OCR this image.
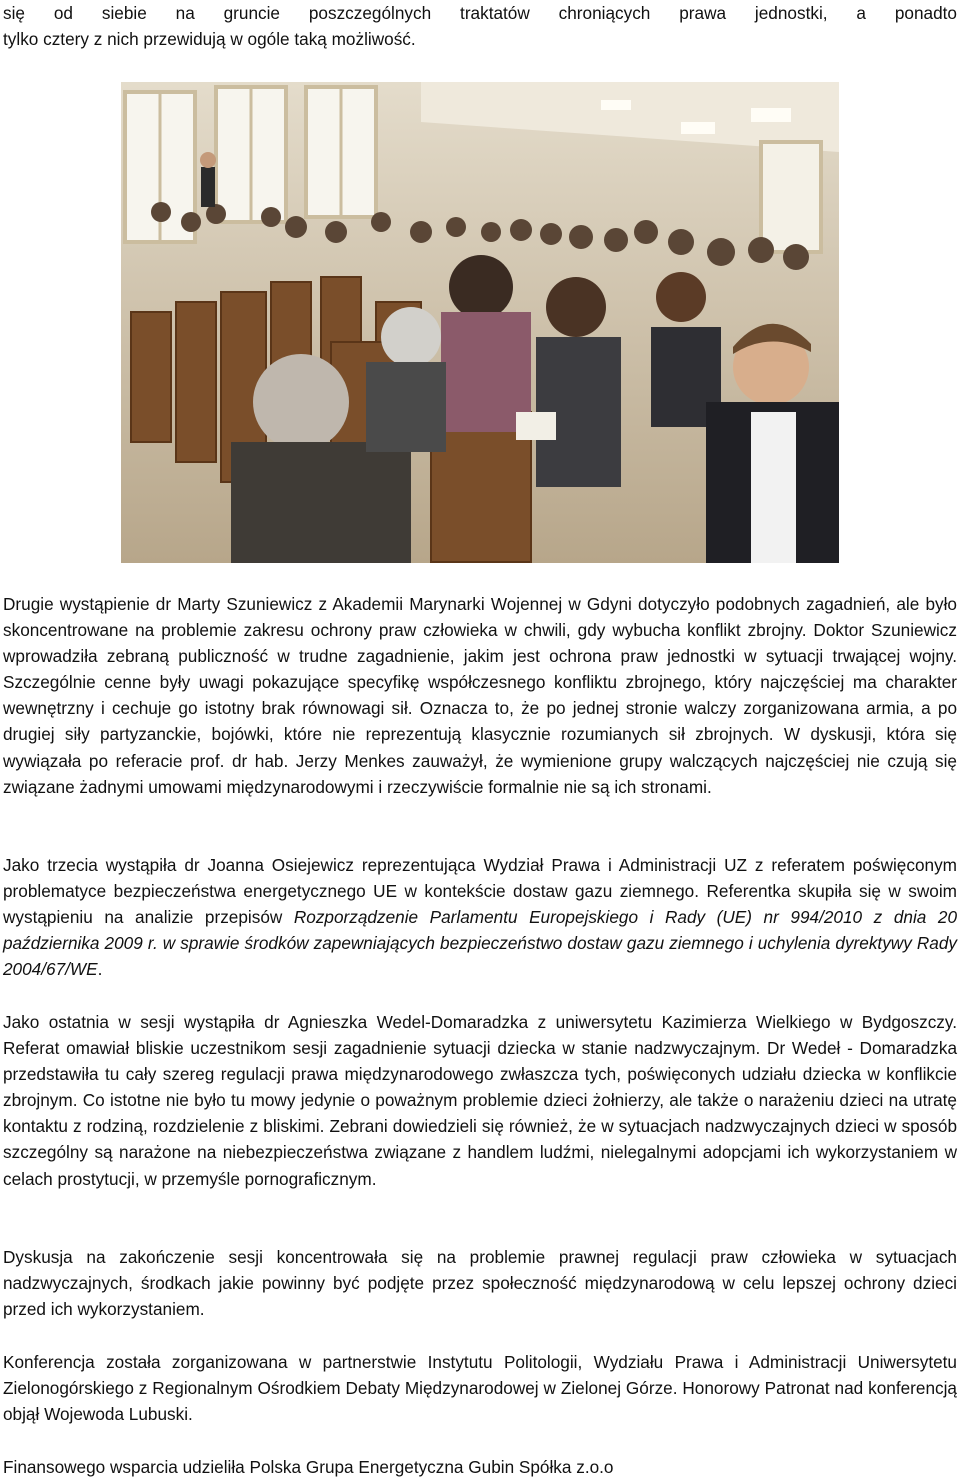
się od siebie na gruncie poszczególnych traktatów chroniących prawa jednostki, a ponadto
tylko cztery z nich przewidują w ogóle taką możliwość.

Drugie wystąpienie dr Marty Szuniewicz z Akademii Marynarki Wojennej w Gdyni dotyczyło podobnych zagadnień, ale było skoncentrowane na problemie zakresu ochrony praw człowieka w chwili, gdy wybucha konflikt zbrojny. Doktor Szuniewicz wprowadziła zebraną publiczność w trudne zagadnienie, jakim jest ochrona praw jednostki w sytuacji trwającej wojny. Szczególnie cenne były uwagi pokazujące specyfikę współczesnego konfliktu zbrojnego, który najczęściej ma charakter wewnętrzny i cechuje go istotny brak równowagi sił. Oznacza to, że po jednej stronie walczy zorganizowana armia, a po drugiej siły partyzanckie, bojówki, które nie reprezentują klasycznie rozumianych sił zbrojnych. W dyskusji, która się wywiązała po referacie prof. dr hab. Jerzy Menkes zauważył, że wymienione grupy walczących najczęściej nie czują się związane żadnymi umowami międzynarodowymi i rzeczywiście formalnie nie są ich stronami.

Jako trzecia wystąpiła dr Joanna Osiejewicz reprezentująca Wydział Prawa i Administracji UZ z referatem poświęconym problematyce bezpieczeństwa energetycznego UE w kontekście dostaw gazu ziemnego. Referentka skupiła się w swoim wystąpieniu na analizie przepisów Rozporządzenie Parlamentu Europejskiego i Rady (UE) nr 994/2010 z dnia 20 października 2009 r. w sprawie środków zapewniających bezpieczeństwo dostaw gazu ziemnego i uchylenia dyrektywy Rady 2004/67/WE.

Jako ostatnia w sesji wystąpiła dr Agnieszka Wedel-Domaradzka z uniwersytetu Kazimierza Wielkiego w Bydgoszczy. Referat omawiał bliskie uczestnikom sesji zagadnienie sytuacji dziecka w stanie nadzwyczajnym. Dr Wedeł - Domaradzka przedstawiła tu cały szereg regulacji prawa międzynarodowego zwłaszcza tych, poświęconych udziału dziecka w konflikcie zbrojnym. Co istotne nie było tu mowy jedynie o poważnym problemie dzieci żołnierzy, ale także o narażeniu dzieci na utratę kontaktu z rodziną, rozdzielenie z bliskimi. Zebrani dowiedzieli się również, że w sytuacjach nadzwyczajnych dzieci w sposób szczególny są narażone na niebezpieczeństwa związane z handlem ludźmi, nielegalnymi adopcjami ich wykorzystaniem w celach prostytucji, w przemyśle pornograficznym.

Dyskusja na zakończenie sesji koncentrowała się na problemie prawnej regulacji praw człowieka w sytuacjach nadzwyczajnych, środkach jakie powinny być podjęte przez społeczność międzynarodową w celu lepszej ochrony dzieci przed ich wykorzystaniem.

Konferencja została zorganizowana w partnerstwie Instytutu Politologii, Wydziału Prawa i Administracji Uniwersytetu Zielonogórskiego z Regionalnym Ośrodkiem Debaty Międzynarodowej w Zielonej Górze. Honorowy Patronat nad konferencją objął Wojewoda Lubuski.

Finansowego wsparcia udzieliła Polska Grupa Energetyczna Gubin Spółka z.o.o
